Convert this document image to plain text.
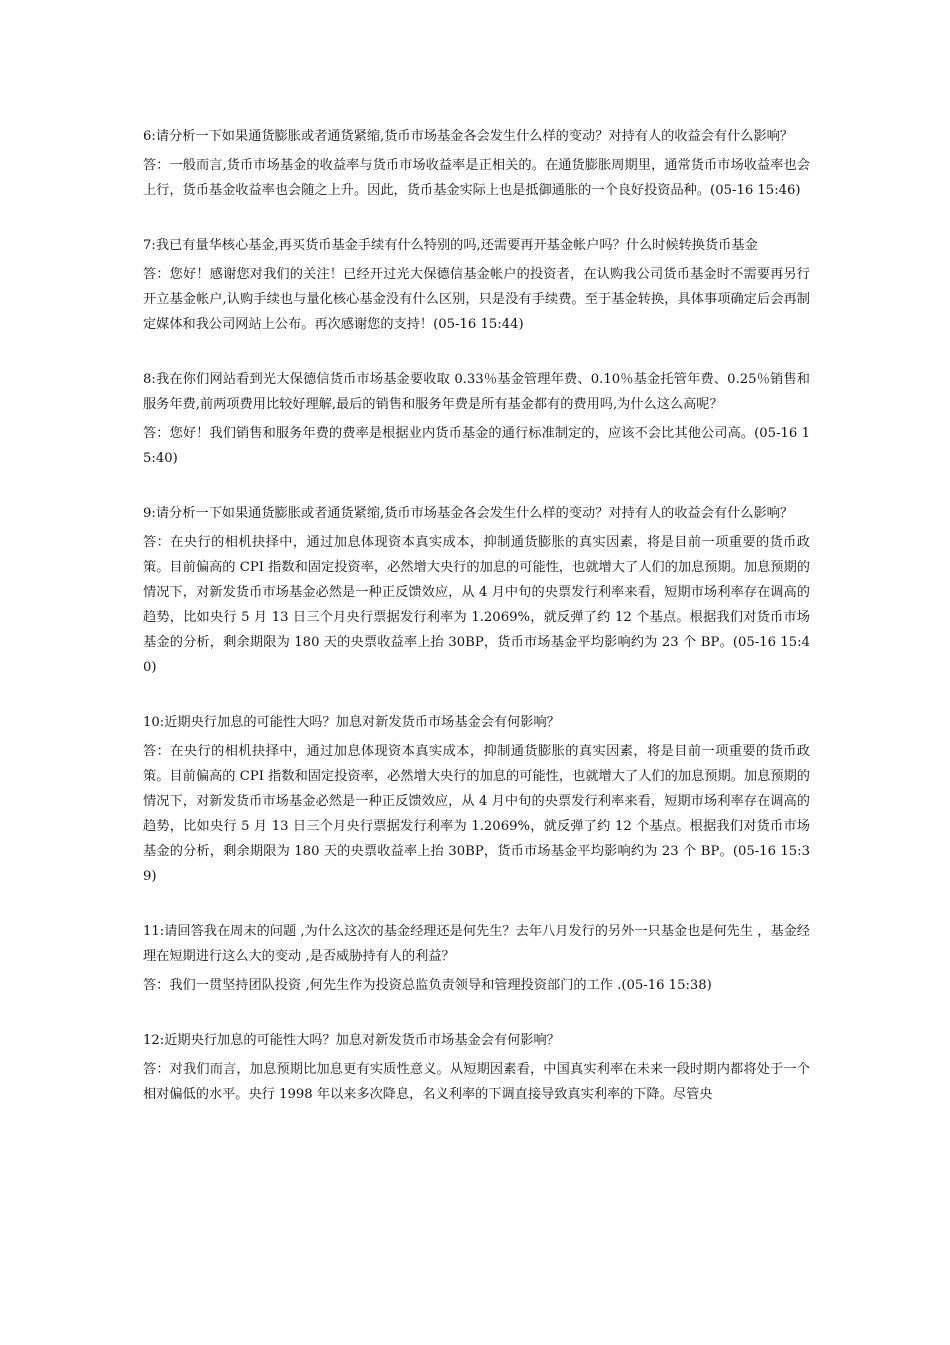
6:请分析一下如果通货膨胀或者通货紧缩,货币市场基金各会发生什么样的变动？对持有人的收益会有什么影响？

答：一般而言,货币市场基金的收益率与货币市场收益率是正相关的。在通货膨胀周期里，通常货币市场收益率也会上行，货币基金收益率也会随之上升。因此，货币基金实际上也是抵御通胀的一个良好投资品种。(05-16 15:46)

7:我已有量华核心基金,再买货币基金手续有什么特别的吗,还需要再开基金帐户吗？什么时候转换货币基金

答：您好！感谢您对我们的关注！已经开过光大保德信基金帐户的投资者，在认购我公司货币基金时不需要再另行开立基金帐户,认购手续也与量化核心基金没有什么区别，只是没有手续费。至于基金转换，具体事项确定后会再制定媒体和我公司网站上公布。再次感谢您的支持！(05-16 15:44)

8:我在你们网站看到光大保德信货币市场基金要收取 0.33％基金管理年费、0.10％基金托管年费、0.25％销售和服务年费,前两项费用比较好理解,最后的销售和服务年费是所有基金都有的费用吗,为什么这么高呢？

答：您好！我们销售和服务年费的费率是根据业内货币基金的通行标准制定的，应该不会比其他公司高。(05-16 15:40)

9:请分析一下如果通货膨胀或者通货紧缩,货币市场基金各会发生什么样的变动？对持有人的收益会有什么影响？

答：在央行的相机抉择中，通过加息体现资本真实成本，抑制通货膨胀的真实因素，将是目前一项重要的货币政策。目前偏高的 CPI 指数和固定投资率，必然增大央行的加息的可能性，也就增大了人们的加息预期。加息预期的情况下，对新发货币市场基金必然是一种正反馈效应，从 4 月中旬的央票发行利率来看，短期市场利率存在调高的趋势，比如央行 5 月 13 日三个月央行票据发行利率为 1.2069%，就反弹了约 12 个基点。根据我们对货币市场基金的分析，剩余期限为 180 天的央票收益率上抬 30BP，货币市场基金平均影响约为 23 个 BP。(05-16 15:40)

10:近期央行加息的可能性大吗？加息对新发货币市场基金会有何影响？

答：在央行的相机抉择中，通过加息体现资本真实成本，抑制通货膨胀的真实因素，将是目前一项重要的货币政策。目前偏高的 CPI 指数和固定投资率，必然增大央行的加息的可能性，也就增大了人们的加息预期。加息预期的情况下，对新发货币市场基金必然是一种正反馈效应，从 4 月中旬的央票发行利率来看，短期市场利率存在调高的趋势，比如央行 5 月 13 日三个月央行票据发行利率为 1.2069%，就反弹了约 12 个基点。根据我们对货币市场基金的分析，剩余期限为 180 天的央票收益率上抬 30BP，货币市场基金平均影响约为 23 个 BP。(05-16 15:39)

11:请回答我在周末的问题 ,为什么这次的基金经理还是何先生？去年八月发行的另外一只基金也是何先生 ，基金经理在短期进行这么大的变动 ,是否威胁持有人的利益？

答：我们一贯坚持团队投资 ,何先生作为投资总监负责领导和管理投资部门的工作 .(05-16 15:38)

12:近期央行加息的可能性大吗？加息对新发货币市场基金会有何影响？

答：对我们而言，加息预期比加息更有实质性意义。从短期因素看，中国真实利率在未来一段时期内都将处于一个相对偏低的水平。央行 1998 年以来多次降息，名义利率的下调直接导致真实利率的下降。尽管央
